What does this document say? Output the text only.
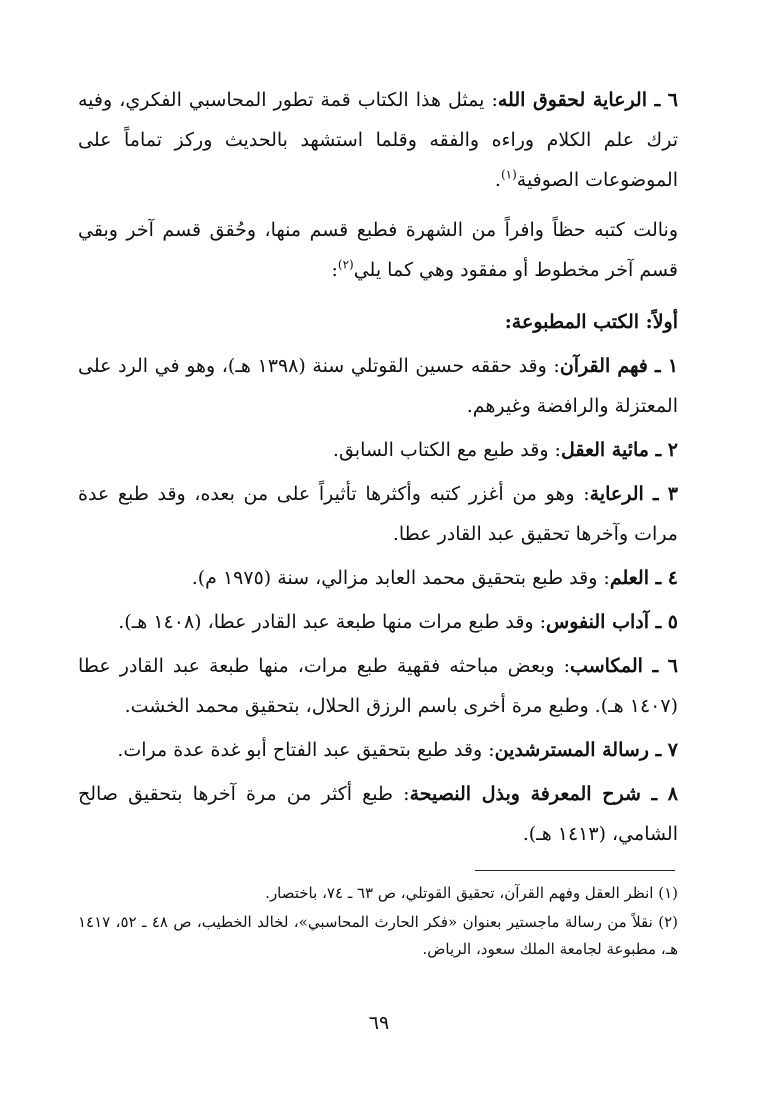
٦ ـ الرعاية لحقوق الله: يمثل هذا الكتاب قمة تطور المحاسبي الفكري، وفيه ترك علم الكلام وراءه والفقه وقلما استشهد بالحديث وركز تماماً على الموضوعات الصوفية$^{(١)}$.

ونالت كتبه حظاً وافراً من الشهرة فطبع قسم منها، وحُقق قسم آخر وبقي قسم آخر مخطوط أو مفقود وهي كما يلي$^{(٢)}$:

أولاً: الكتب المطبوعة:

١ ـ فهم القرآن: وقد حققه حسين القوتلي سنة (١٣٩٨ هـ)، وهو في الرد على المعتزلة والرافضة وغيرهم.

٢ ـ مائية العقل: وقد طبع مع الكتاب السابق.

٣ ـ الرعاية: وهو من أغزر كتبه وأكثرها تأثيراً على من بعده، وقد طبع عدة مرات وآخرها تحقيق عبد القادر عطا.

٤ ـ العلم: وقد طبع بتحقيق محمد العابد مزالي، سنة (١٩٧٥ م).

٥ ـ آداب النفوس: وقد طبع مرات منها طبعة عبد القادر عطا، (١٤٠٨ هـ).

٦ ـ المكاسب: وبعض مباحثه فقهية طبع مرات، منها طبعة عبد القادر عطا (١٤٠٧ هـ). وطبع مرة أخرى باسم الرزق الحلال، بتحقيق محمد الخشت.

٧ ـ رسالة المسترشدين: وقد طبع بتحقيق عبد الفتاح أبو غدة عدة مرات.

٨ ـ شرح المعرفة وبذل النصيحة: طبع أكثر من مرة آخرها بتحقيق صالح الشامي، (١٤١٣ هـ).

(١) انظر العقل وفهم القرآن، تحقيق القوتلي، ص ٦٣ ـ ٧٤، باختصار.

(٢) نقلاً من رسالة ماجستير بعنوان «فكر الحارث المحاسبي»، لخالد الخطيب، ص ٤٨ ـ ٥٢، ١٤١٧ هـ، مطبوعة لجامعة الملك سعود، الرياض.

٦٩
